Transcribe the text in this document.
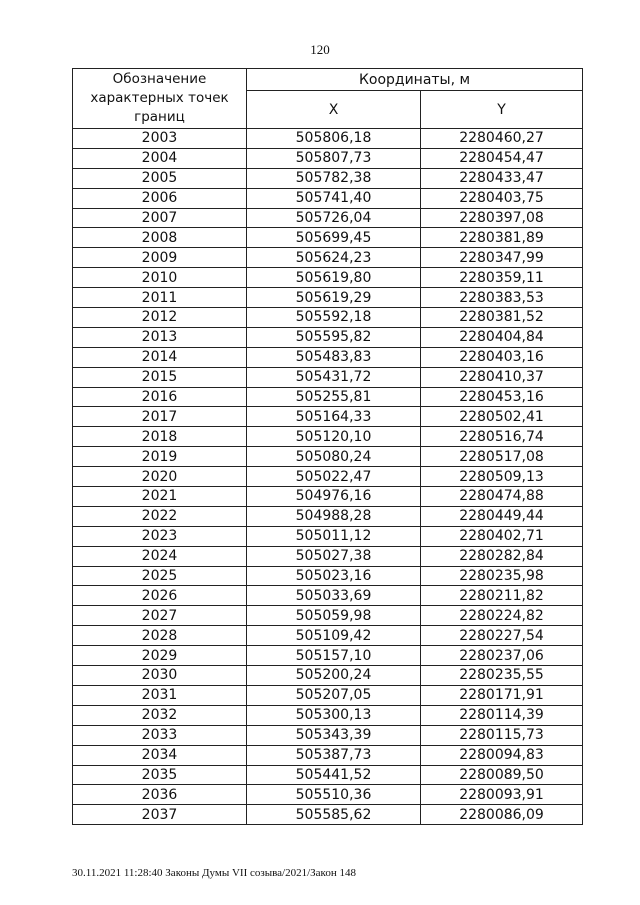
120
Обозначение характерных точек границ	Координаты, м	
	X	Y
2003	505806,18	2280460,27
2004	505807,73	2280454,47
2005	505782,38	2280433,47
2006	505741,40	2280403,75
2007	505726,04	2280397,08
2008	505699,45	2280381,89
2009	505624,23	2280347,99
2010	505619,80	2280359,11
2011	505619,29	2280383,53
2012	505592,18	2280381,52
2013	505595,82	2280404,84
2014	505483,83	2280403,16
2015	505431,72	2280410,37
2016	505255,81	2280453,16
2017	505164,33	2280502,41
2018	505120,10	2280516,74
2019	505080,24	2280517,08
2020	505022,47	2280509,13
2021	504976,16	2280474,88
2022	504988,28	2280449,44
2023	505011,12	2280402,71
2024	505027,38	2280282,84
2025	505023,16	2280235,98
2026	505033,69	2280211,82
2027	505059,98	2280224,82
2028	505109,42	2280227,54
2029	505157,10	2280237,06
2030	505200,24	2280235,55
2031	505207,05	2280171,91
2032	505300,13	2280114,39
2033	505343,39	2280115,73
2034	505387,73	2280094,83
2035	505441,52	2280089,50
2036	505510,36	2280093,91
2037	505585,62	2280086,09
30.11.2021 11:28:40 Законы Думы VII созыва/2021/Закон 148
